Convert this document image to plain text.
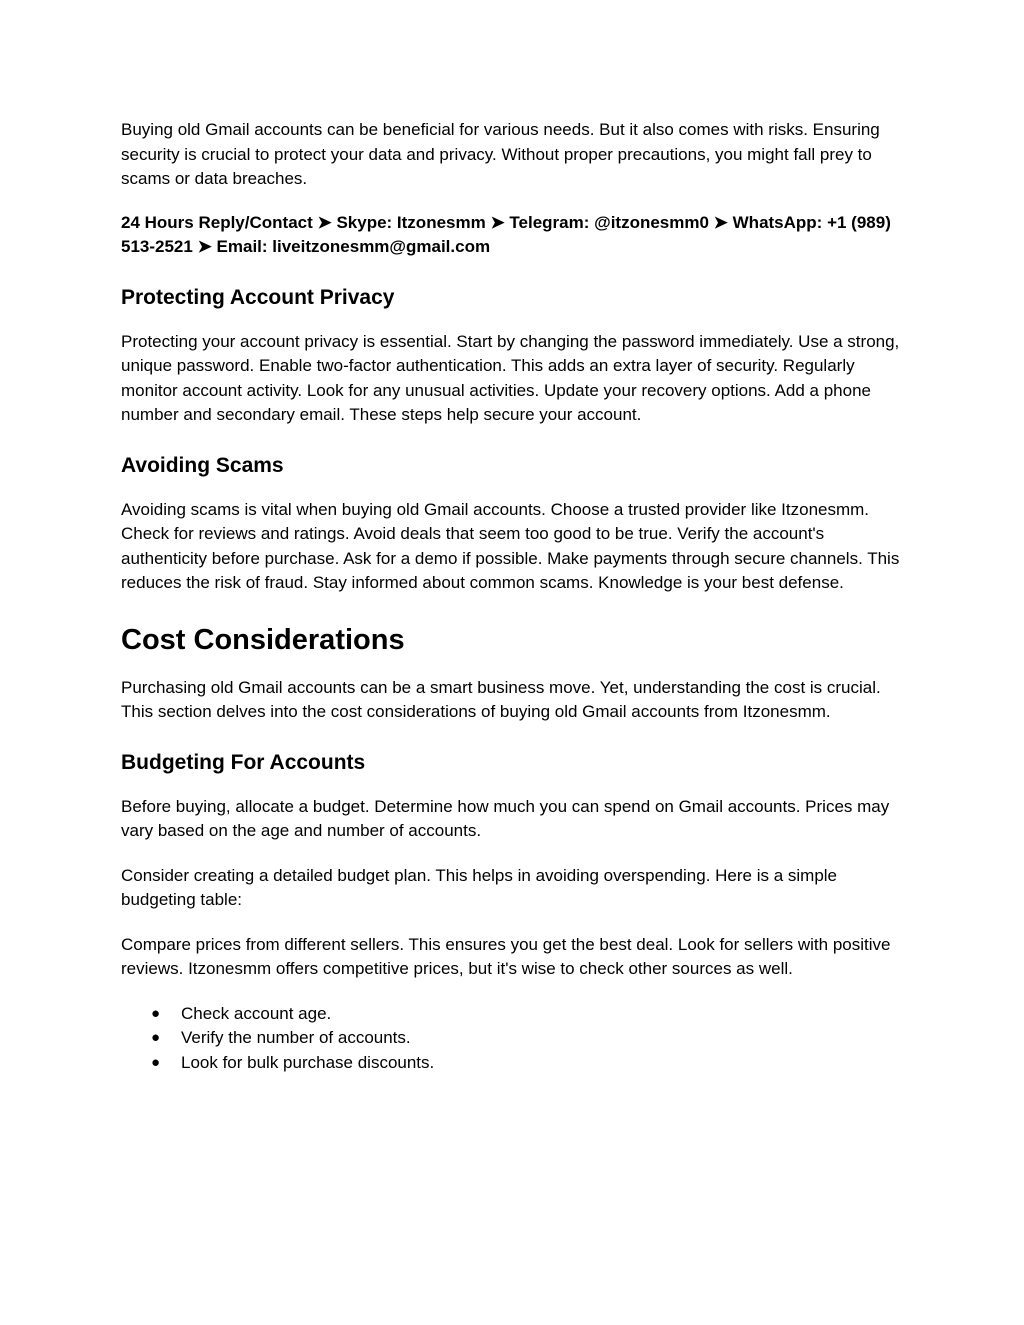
Buying old Gmail accounts can be beneficial for various needs. But it also comes with risks. Ensuring security is crucial to protect your data and privacy. Without proper precautions, you might fall prey to scams or data breaches.

24 Hours Reply/Contact ➤ Skype: Itzonesmm ➤ Telegram: @itzonesmm0 ➤ WhatsApp: +1 (989) 513-2521 ➤ Email: liveitzonesmm@gmail.com

Protecting Account Privacy

Protecting your account privacy is essential. Start by changing the password immediately. Use a strong, unique password. Enable two-factor authentication. This adds an extra layer of security. Regularly monitor account activity. Look for any unusual activities. Update your recovery options. Add a phone number and secondary email. These steps help secure your account.

Avoiding Scams

Avoiding scams is vital when buying old Gmail accounts. Choose a trusted provider like Itzonesmm. Check for reviews and ratings. Avoid deals that seem too good to be true. Verify the account's authenticity before purchase. Ask for a demo if possible. Make payments through secure channels. This reduces the risk of fraud. Stay informed about common scams. Knowledge is your best defense.

Cost Considerations

Purchasing old Gmail accounts can be a smart business move. Yet, understanding the cost is crucial. This section delves into the cost considerations of buying old Gmail accounts from Itzonesmm.

Budgeting For Accounts

Before buying, allocate a budget. Determine how much you can spend on Gmail accounts. Prices may vary based on the age and number of accounts.

Consider creating a detailed budget plan. This helps in avoiding overspending. Here is a simple budgeting table:

Compare prices from different sellers. This ensures you get the best deal. Look for sellers with positive reviews. Itzonesmm offers competitive prices, but it's wise to check other sources as well.

● Check account age.
● Verify the number of accounts.
● Look for bulk purchase discounts.
